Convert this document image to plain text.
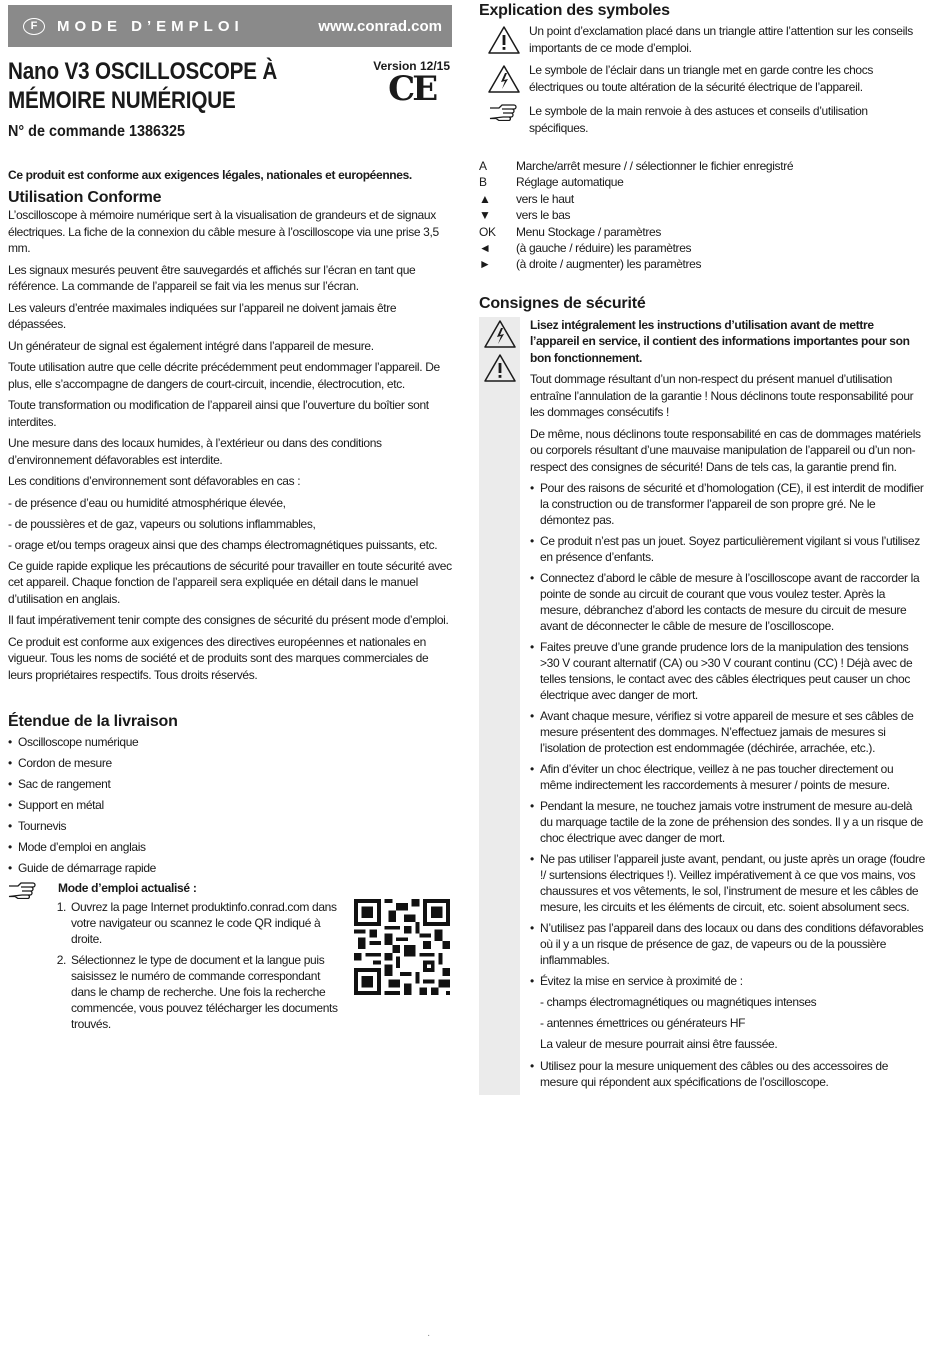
F	MODE D’EMPLOI	www.conrad.com
Nano V3 OSCILLOSCOPE À
MÉMOIRE NUMÉRIQUE
Version 12/15
CE
N° de commande 1386325

Ce produit est conforme aux exigences légales, nationales et européennes.

Utilisation Conforme

L’oscilloscope à mémoire numérique sert à la visualisation de grandeurs et de signaux électriques. La fiche de la connexion du câble mesure à l’oscilloscope via une prise 3,5 mm.

Les signaux mesurés peuvent être sauvegardés et affichés sur l’écran en tant que référence. La commande de l’appareil se fait via les menus sur l’écran.

Les valeurs d’entrée maximales indiquées sur l’appareil ne doivent jamais être dépassées.

Un générateur de signal est également intégré dans l’appareil de mesure.

Toute utilisation autre que celle décrite précédemment peut endommager l’appareil. De plus, elle s’accompagne de dangers de court-circuit, incendie, électrocution, etc.

Toute transformation ou modification de l’appareil ainsi que l’ouverture du boîtier sont interdites.

Une mesure dans des locaux humides, à l’extérieur ou dans des conditions d’environnement défavorables est interdite.

Les conditions d’environnement sont défavorables en cas :

- de présence d’eau ou humidité atmosphérique élevée,
- de poussières et de gaz, vapeurs ou solutions inflammables,
- orage et/ou temps orageux ainsi que des champs électromagnétiques puissants, etc.

Ce guide rapide explique les précautions de sécurité pour travailler en toute sécurité avec cet appareil. Chaque fonction de l’appareil sera expliquée en détail dans le manuel d’utilisation en anglais.

Il faut impérativement tenir compte des consignes de sécurité du présent mode d’emploi.

Ce produit est conforme aux exigences des directives européennes et nationales en vigueur. Tous les noms de société et de produits sont des marques commerciales de leurs propriétaires respectifs. Tous droits réservés.

Étendue de la livraison
• Oscilloscope numérique
• Cordon de mesure
• Sac de rangement
• Support en métal
• Tournevis
• Mode d’emploi en anglais
• Guide de démarrage rapide
Mode d’emploi actualisé :
1. Ouvrez la page Internet produktinfo.conrad.com dans votre navigateur ou scannez le code QR indiqué à droite.
2. Sélectionnez le type de document et la langue puis saisissez le numéro de commande correspondant dans le champ de recherche. Une fois la recherche commencée, vous pouvez télécharger les documents trouvés.
Explication des symboles
Un point d’exclamation placé dans un triangle attire l’attention sur les conseils importants de ce mode d’emploi.
Le symbole de l’éclair dans un triangle met en garde contre les chocs électriques ou toute altération de la sécurité électrique de l’appareil.
Le symbole de la main renvoie à des astuces et conseils d’utilisation spécifiques.
A	Marche/arrêt mesure / / sélectionner le fichier enregistré
B	Réglage automatique
▲	vers le haut
▼	vers le bas
OK	Menu Stockage / paramètres
◄	(à gauche / réduire) les paramètres
►	(à droite / augmenter) les paramètres
Consignes de sécurité

Lisez intégralement les instructions d’utilisation avant de mettre l’appareil en service, il contient des informations importantes pour son bon fonctionnement.

Tout dommage résultant d’un non-respect du présent manuel d’utilisation entraîne l’annulation de la garantie ! Nous déclinons toute responsabilité pour les dommages consécutifs !

De même, nous déclinons toute responsabilité en cas de dommages matériels ou corporels résultant d’une mauvaise manipulation de l’appareil ou d’un non-respect des consignes de sécurité! Dans de tels cas, la garantie prend fin.

• Pour des raisons de sécurité et d’homologation (CE), il est interdit de modifier la construction ou de transformer l’appareil de son propre gré. Ne le démontez pas.
• Ce produit n’est pas un jouet. Soyez particulièrement vigilant si vous l’utilisez en présence d’enfants.
• Connectez d’abord le câble de mesure à l’oscilloscope avant de raccorder la pointe de sonde au circuit de courant que vous voulez tester. Après la mesure, débranchez d’abord les contacts de mesure du circuit de mesure avant de déconnecter le câble de mesure de l’oscilloscope.
• Faites preuve d’une grande prudence lors de la manipulation des tensions >30 V courant alternatif (CA) ou >30 V courant continu (CC) ! Déjà avec de telles tensions, le contact avec des câbles électriques peut causer un choc électrique avec danger de mort.
• Avant chaque mesure, vérifiez si votre appareil de mesure et ses câbles de mesure présentent des dommages. N’effectuez jamais de mesures si l’isolation de protection est endommagée (déchirée, arrachée, etc.).
• Afin d’éviter un choc électrique, veillez à ne pas toucher directement ou même indirectement les raccordements à mesurer / points de mesure.
• Pendant la mesure, ne touchez jamais votre instrument de mesure au-delà du marquage tactile de la zone de préhension des sondes. Il y a un risque de choc électrique avec danger de mort.
• Ne pas utiliser l’appareil juste avant, pendant, ou juste après un orage (foudre !/ surtensions électriques !). Veillez impérativement à ce que vos mains, vos chaussures et vos vêtements, le sol, l’instrument de mesure et les câbles de mesure, les circuits et les éléments de circuit, etc. soient absolument secs.
• N’utilisez pas l’appareil dans des locaux ou dans des conditions défavorables où il y a un risque de présence de gaz, de vapeurs ou de la poussière inflammables.
• Évitez la mise en service à proximité de :
- champs électromagnétiques ou magnétiques intenses
- antennes émettrices ou générateurs HF

La valeur de mesure pourrait ainsi être faussée.

• Utilisez pour la mesure uniquement des câbles ou des accessoires de mesure qui répondent aux spécifications de l’oscilloscope.
·
